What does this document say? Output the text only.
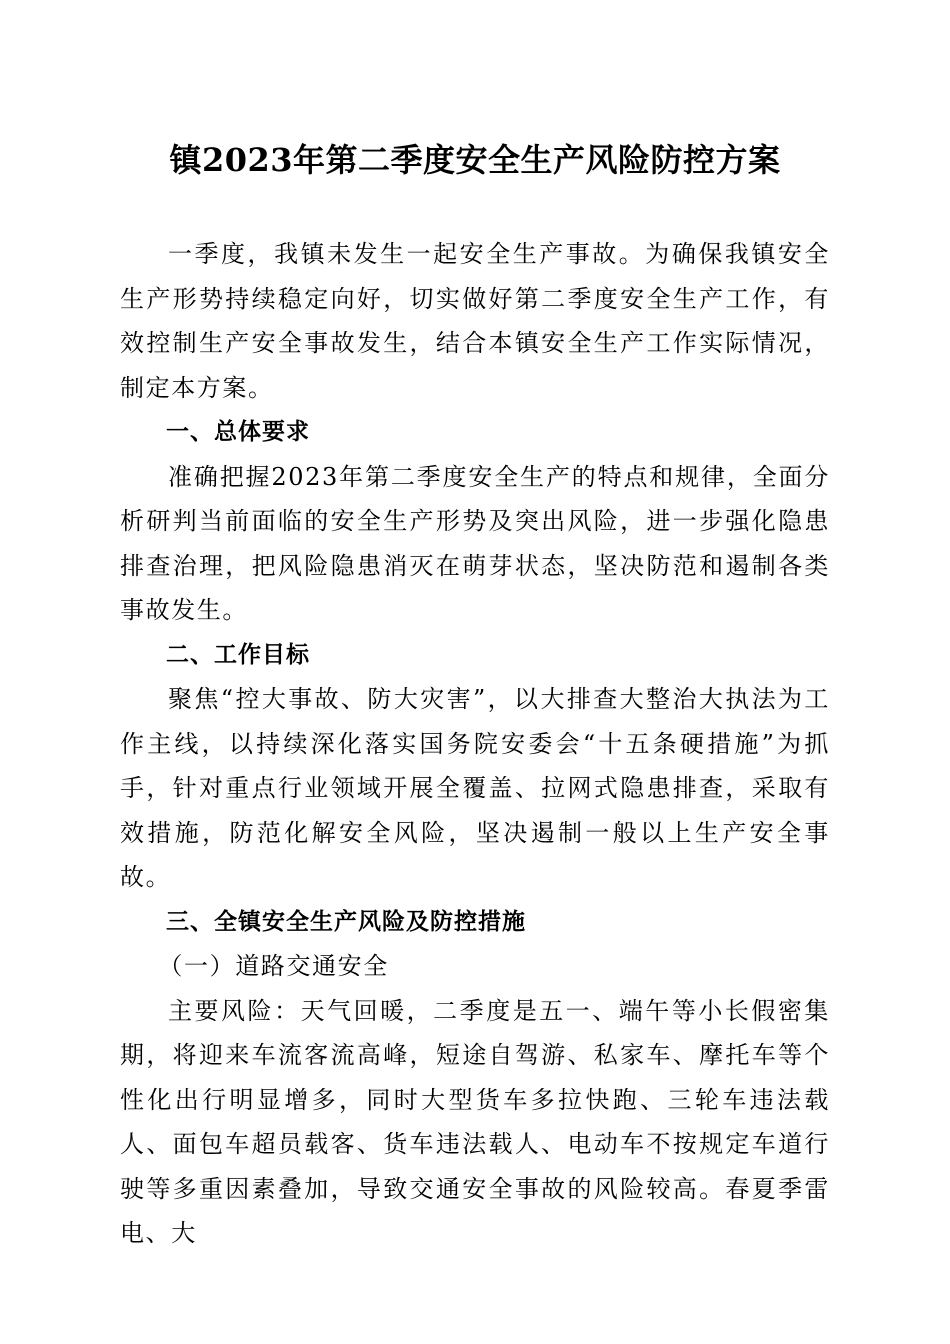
镇2023年第二季度安全生产风险防控方案

一季度，我镇未发生一起安全生产事故。为确保我镇安全生产形势持续稳定向好，切实做好第二季度安全生产工作，有效控制生产安全事故发生，结合本镇安全生产工作实际情况，制定本方案。

一、总体要求

准确把握2023年第二季度安全生产的特点和规律，全面分析研判当前面临的安全生产形势及突出风险，进一步强化隐患排查治理，把风险隐患消灭在萌芽状态，坚决防范和遏制各类事故发生。

二、工作目标

聚焦“控大事故、防大灾害”，以大排查大整治大执法为工作主线，以持续深化落实国务院安委会“十五条硬措施”为抓手，针对重点行业领域开展全覆盖、拉网式隐患排查，采取有效措施，防范化解安全风险，坚决遏制一般以上生产安全事故。

三、全镇安全生产风险及防控措施

（一）道路交通安全

主要风险：天气回暖，二季度是五一、端午等小长假密集期，将迎来车流客流高峰，短途自驾游、私家车、摩托车等个性化出行明显增多，同时大型货车多拉快跑、三轮车违法载人、面包车超员载客、货车违法载人、电动车不按规定车道行驶等多重因素叠加，导致交通安全事故的风险较高。春夏季雷电、大
